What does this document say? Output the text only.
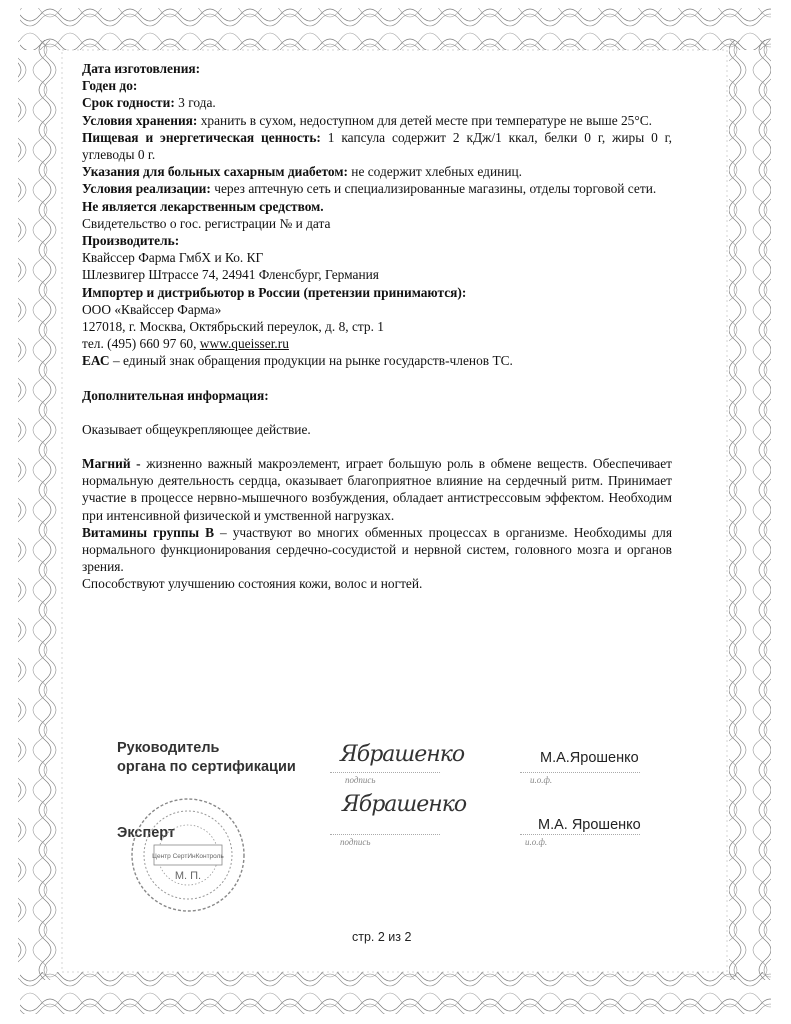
Дата изготовления:

Годен до:

Срок годности: 3 года.

Условия хранения: хранить в сухом, недоступном для детей месте при температуре не выше 25°С.

Пищевая и энергетическая ценность: 1 капсула содержит 2 кДж/1 ккал, белки 0 г, жиры 0 г, углеводы 0 г.

Указания для больных сахарным диабетом: не содержит хлебных единиц.

Условия реализации: через аптечную сеть и специализированные магазины, отделы торговой сети.

Не является лекарственным средством.

Свидетельство о гос. регистрации № и дата

Производитель:

Квайссер Фарма ГмбХ и Ко. КГ

Шлезвигер Штрассе 74, 24941 Фленсбург, Германия

Импортер и дистрибьютор в России (претензии принимаются):

ООО «Квайссер Фарма»

127018, г. Москва, Октябрьский переулок, д. 8, стр. 1

тел. (495) 660 97 60, www.queisser.ru

ЕАС – единый знак обращения продукции на рынке государств-членов ТС.

Дополнительная информация:

Оказывает общеукрепляющее действие.

Магний - жизненно важный макроэлемент, играет большую роль в обмене веществ. Обеспечивает нормальную деятельность сердца, оказывает благоприятное влияние на сердечный ритм. Принимает участие в процессе нервно-мышечного возбуждения, обладает антистрессовым эффектом. Необходим при интенсивной физической и умственной нагрузках.

Витамины группы В – участвуют во многих обменных процессах в организме. Необходимы для нормального функционирования сердечно-сосудистой и нервной систем, головного мозга и органов зрения.

Способствуют улучшению состояния кожи, волос и ногтей.

Руководитель
органа по сертификации Ябрашенко
подпись
М.А.Ярошенко
и.о.ф.
Эксперт
Ябрашенко
подпись
М.А. Ярошенко
и.о.ф.
Центр СертИнКонтроль
М. П.
стр. 2 из 2
